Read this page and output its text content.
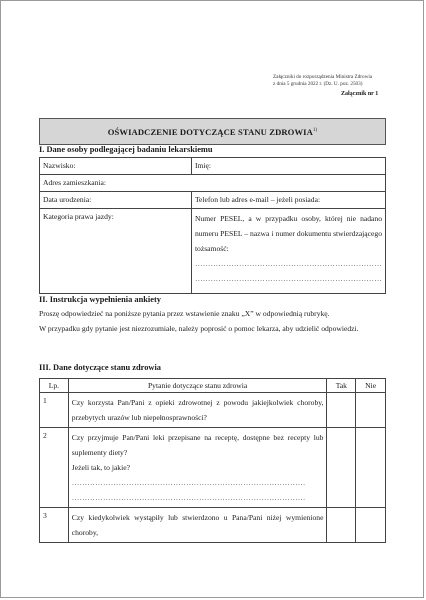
Załączniki do rozporządzenia Ministra Zdrowia
z dnia 5 grudnia 2022 r. (Dz. U. poz. 2503)
Załącznik nr 1
OŚWIADCZENIE DOTYCZĄCE STANU ZDROWIA$^{1)}$
I. Dane osoby podlegającej badaniu lekarskiemu
Nazwisko:	Imię:
Adres zamieszkania:	
Data urodzenia:	Telefon lub adres e-mail – jeżeli posiada:
Kategoria prawa jazdy:	Numer PESEL, a w przypadku osoby, której nie nadano numeru PESEL – nazwa i numer dokumentu stwierdzającego tożsamość:
………………………………………………………………
………………………………………………………………
II. Instrukcja wypełnienia ankiety
Proszę odpowiedzieć na poniższe pytania przez wstawienie znaku „X” w odpowiednią rubrykę.
W przypadku gdy pytanie jest niezrozumiałe, należy poprosić o pomoc lekarza, aby udzielić odpowiedzi.
III. Dane dotyczące stanu zdrowia
Lp.	Pytanie dotyczące stanu zdrowia	Tak	Nie
1	Czy korzysta Pan/Pani z opieki zdrowotnej z powodu jakiejkolwiek choroby, przebytych urazów lub niepełnosprawności?		
2	Czy przyjmuje Pan/Pani leki przepisane na receptę, dostępne bez recepty lub suplementy diety?
Jeżeli tak, to jakie?
………………………………………………………………………………
………………………………………………………………………………		

3	Czy kiedykolwiek wystąpiły lub stwierdzono u Pana/Pani niżej wymienione choroby,		
